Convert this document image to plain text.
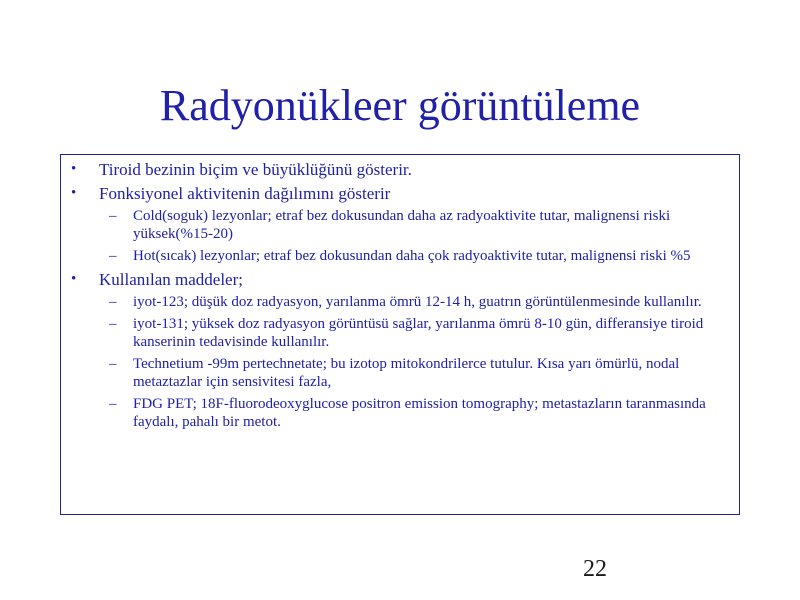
Radyonükleer görüntüleme
• Tiroid bezinin biçim ve büyüklüğünü gösterir.
• Fonksiyonel aktivitenin dağılımını gösterir
– Cold(soguk) lezyonlar; etraf bez dokusundan daha az radyoaktivite tutar, malignensi riski yüksek(%15-20)
– Hot(sıcak) lezyonlar; etraf bez dokusundan daha çok radyoaktivite tutar, malignensi riski %5
• Kullanılan maddeler;
– iyot-123; düşük doz radyasyon, yarılanma ömrü 12-14 h, guatrın görüntülenmesinde kullanılır.
– iyot-131; yüksek doz radyasyon görüntüsü sağlar, yarılanma ömrü 8-10 gün, differansiye tiroid kanserinin tedavisinde kullanılır.
– Technetium -99m pertechnetate; bu izotop mitokondrilerce tutulur. Kısa yarı ömürlü, nodal metaztazlar için sensivitesi fazla,
– FDG PET; 18F-fluorodeoxyglucose positron emission tomography; metastazların taranmasında faydalı, pahalı bir metot.
22
